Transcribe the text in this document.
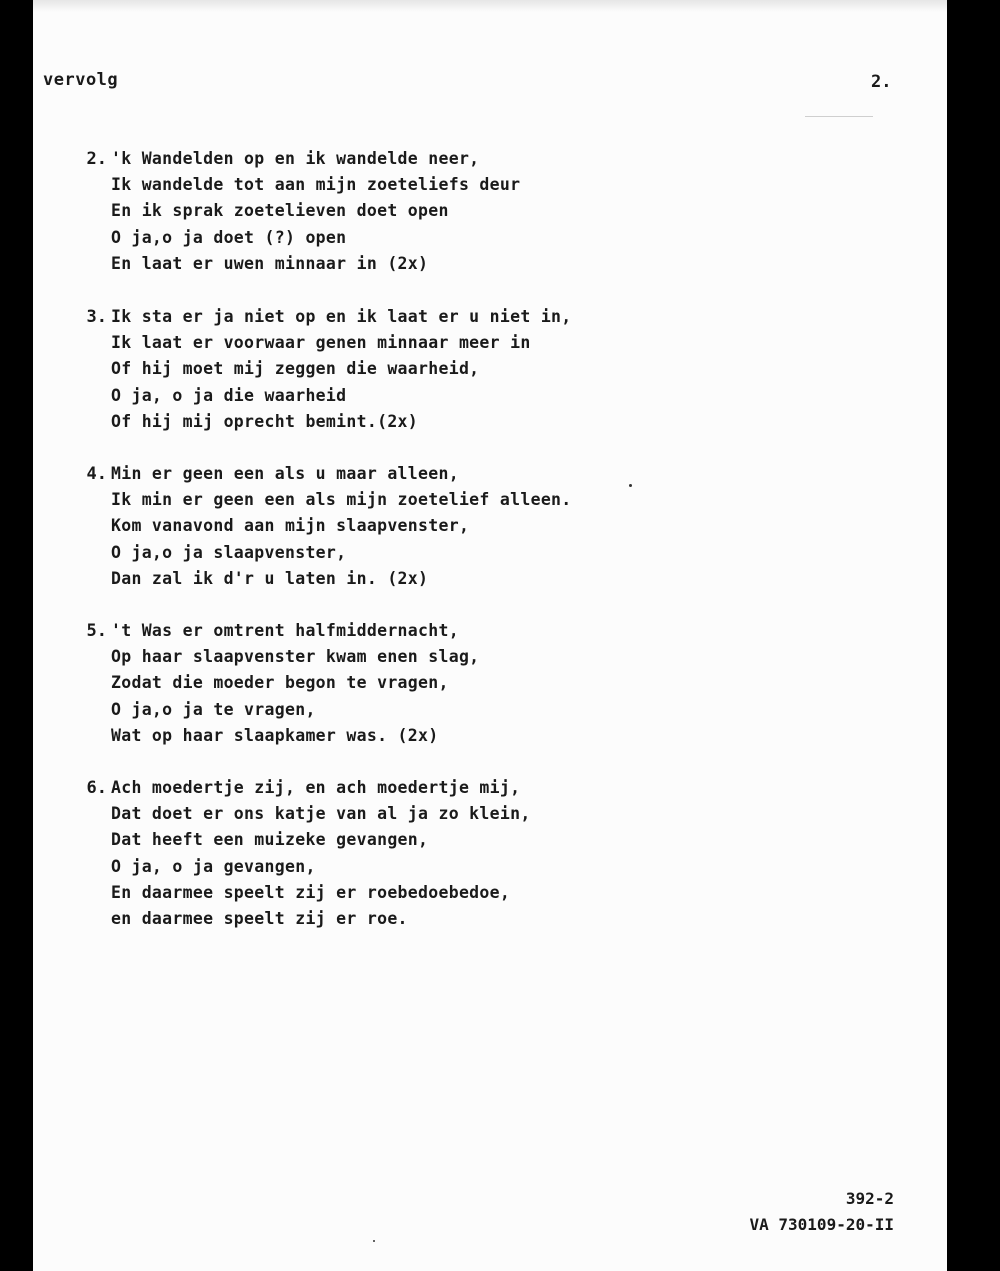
vervolg	2.
2. 'k Wandelden op en ik wandelde neer,
Ik wandelde tot aan mijn zoeteliefs deur
En ik sprak zoetelieven doet open
O ja,o ja doet (?) open
En laat er uwen minnaar in (2x)
3. Ik sta er ja niet op en ik laat er u niet in,
Ik laat er voorwaar genen minnaar meer in
Of hij moet mij zeggen die waarheid,
O ja, o ja die waarheid
Of hij mij oprecht bemint.(2x)
4. Min er geen een als u maar alleen,
Ik min er geen een als mijn zoetelief alleen.
Kom vanavond aan mijn slaapvenster,
O ja,o ja slaapvenster,
Dan zal ik d'r u laten in. (2x)
5. 't Was er omtrent halfmiddernacht,
Op haar slaapvenster kwam enen slag,
Zodat die moeder begon te vragen,
O ja,o ja te vragen,
Wat op haar slaapkamer was. (2x)
6. Ach moedertje zij, en ach moedertje mij,
Dat doet er ons katje van al ja zo klein,
Dat heeft een muizeke gevangen,
O ja, o ja gevangen,
En daarmee speelt zij er roebedoebedoe,
en daarmee speelt zij er roe.
392-2
VA 730109-20-II
